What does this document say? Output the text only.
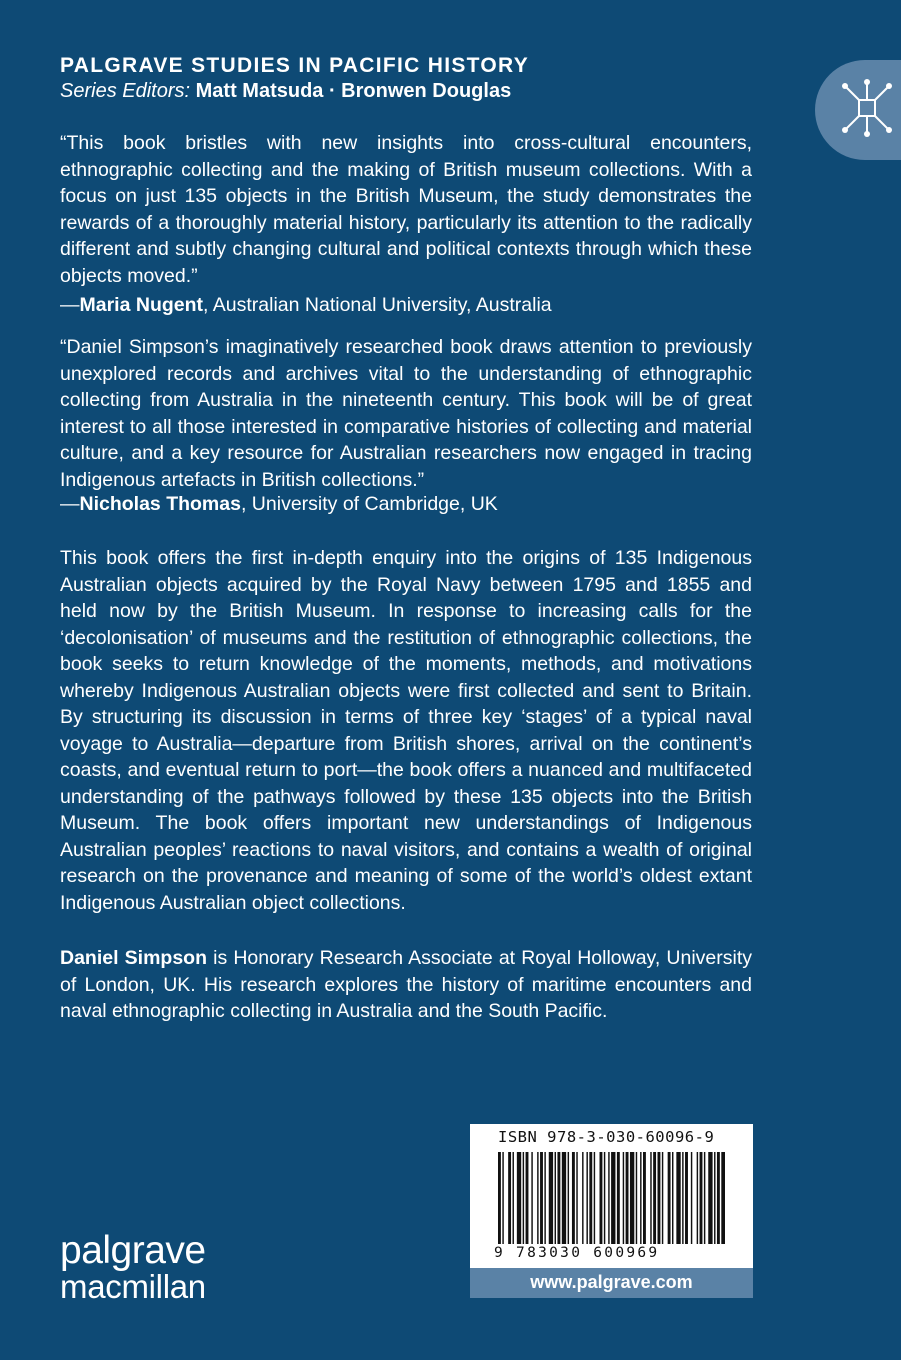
PALGRAVE STUDIES IN PACIFIC HISTORY
Series Editors: Matt Matsuda · Bronwen Douglas

“This book bristles with new insights into cross-cultural encounters, ethnographic collecting and the making of British museum collections. With a focus on just 135 objects in the British Museum, the study demonstrates the rewards of a thoroughly material history, particularly its attention to the radically different and subtly changing cultural and political contexts through which these objects moved.”

—Maria Nugent, Australian National University, Australia

“Daniel Simpson’s imaginatively researched book draws attention to previously unexplored records and archives vital to the understanding of ethnographic collecting from Australia in the nineteenth century. This book will be of great interest to all those interested in comparative histories of collecting and material culture, and a key resource for Australian researchers now engaged in tracing Indigenous artefacts in British collections.”

—Nicholas Thomas, University of Cambridge, UK

This book offers the first in-depth enquiry into the origins of 135 Indigenous Australian objects acquired by the Royal Navy between 1795 and 1855 and held now by the British Museum. In response to increasing calls for the ‘decolonisation’ of museums and the restitution of ethnographic collections, the book seeks to return knowledge of the moments, methods, and motivations whereby Indigenous Australian objects were first collected and sent to Britain. By structuring its discussion in terms of three key ‘stages’ of a typical naval voyage to Australia—departure from British shores, arrival on the continent’s coasts, and eventual return to port—the book offers a nuanced and multifaceted understanding of the pathways followed by these 135 objects into the British Museum. The book offers important new understandings of Indigenous Australian peoples’ reactions to naval visitors, and contains a wealth of original research on the provenance and meaning of some of the world’s oldest extant Indigenous Australian object collections.

Daniel Simpson is Honorary Research Associate at Royal Holloway, University of London, UK. His research explores the history of maritime encounters and naval ethnographic collecting in Australia and the South Pacific.

ISBN 978-3-030-60096-9
9 783030 600969
www.palgrave.com
palgrave
macmillan
